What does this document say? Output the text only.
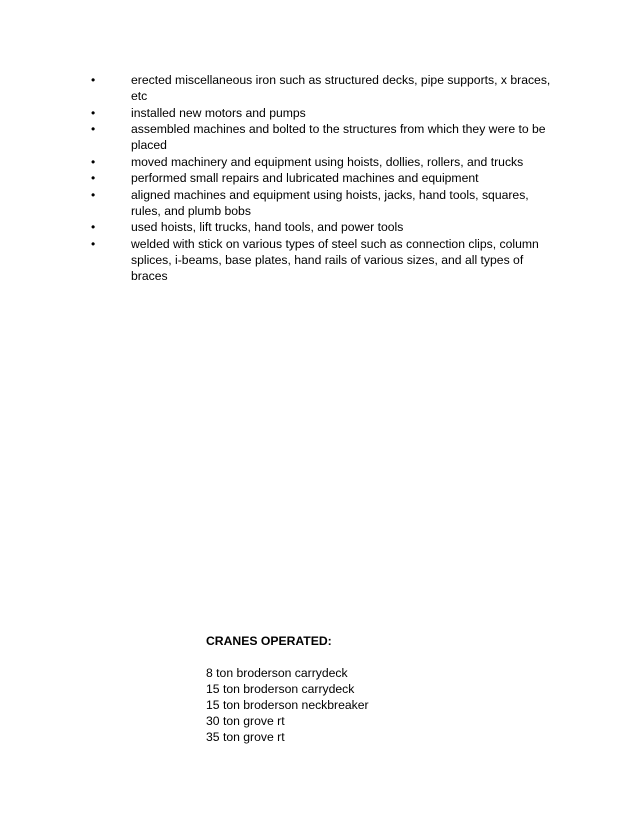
•	erected miscellaneous iron such as structured decks, pipe supports, x braces, etc
•	installed new motors and pumps
•	assembled machines and bolted to the structures from which they were to be placed
•	moved machinery and equipment using hoists, dollies, rollers, and trucks
•	performed small repairs and lubricated machines and equipment
•	aligned machines and equipment using hoists, jacks, hand tools, squares, rules, and plumb bobs
•	used hoists, lift trucks, hand tools, and power tools
•	welded with stick on various types of steel such as connection clips, column splices, i-beams, base plates, hand rails of various sizes, and all types of braces
CRANES OPERATED:
8 ton broderson carrydeck
15 ton broderson carrydeck
15 ton broderson neckbreaker
30 ton grove rt
35 ton grove rt
